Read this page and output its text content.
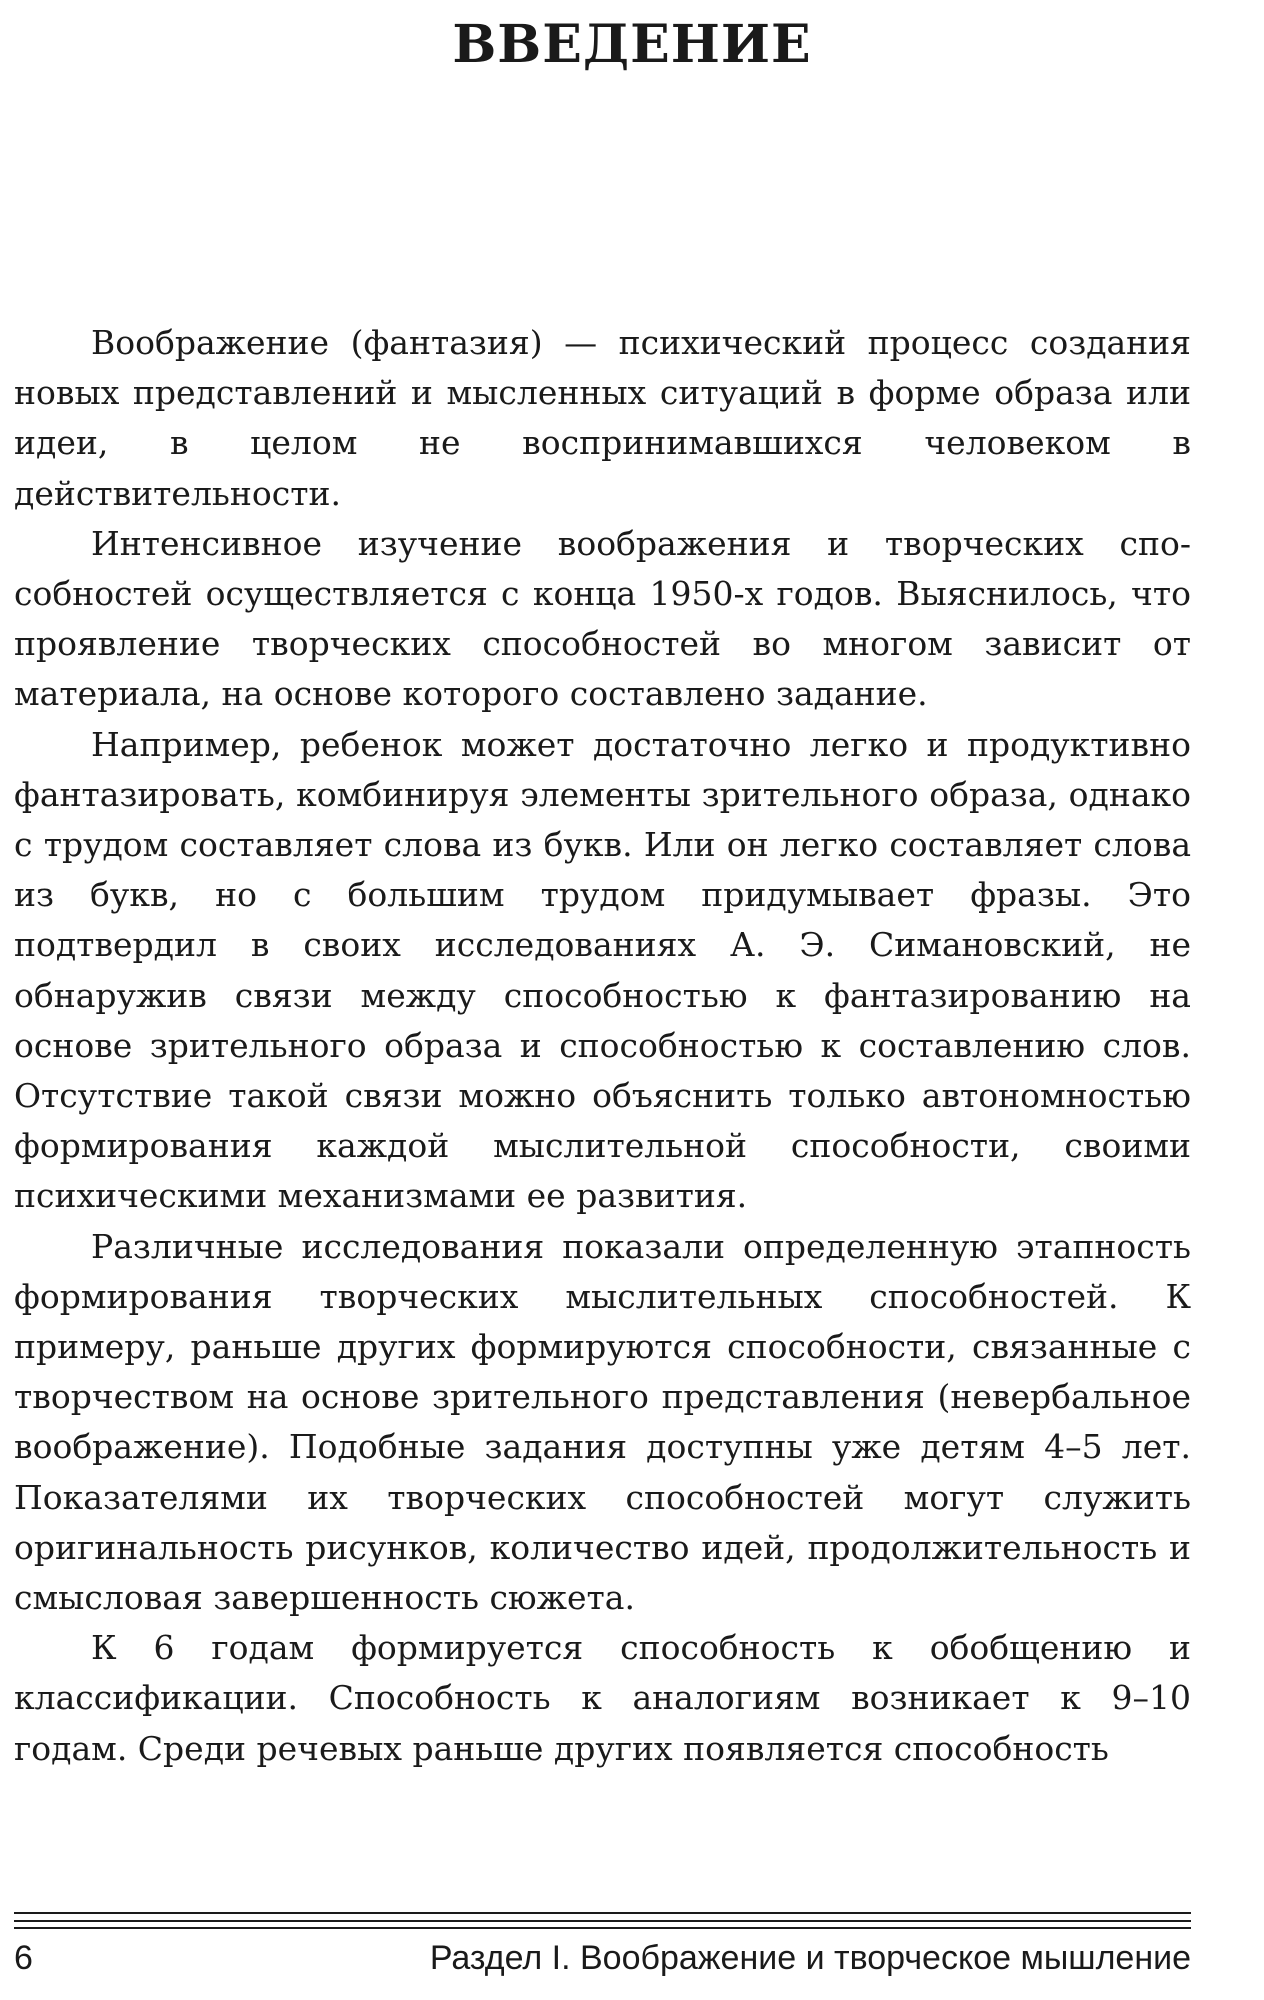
ВВЕДЕНИЕ

Воображение (фантазия) — психический процесс создания новых представлений и мысленных ситуаций в форме образа или идеи, в целом не воспринимавшихся человеком в действительности.

Интенсивное изучение воображения и творческих способностей осуществляется с конца 1950-х годов. Выяснилось, что проявление творческих способностей во многом зависит от материала, на основе которого составлено задание.

Например, ребенок может достаточно легко и продуктивно фантазировать, комбинируя элементы зрительного образа, однако с трудом составляет слова из букв. Или он легко составляет слова из букв, но с большим трудом придумывает фразы. Это подтвердил в своих исследованиях А. Э. Симановский, не обнаружив связи между способностью к фантазированию на основе зрительного образа и способностью к составлению слов. Отсутствие такой связи можно объяснить только автономностью формирования каждой мыслительной способности, своими психическими механизмами ее развития.

Различные исследования показали определенную этапность формирования творческих мыслительных способностей. К примеру, раньше других формируются способности, связанные с творчеством на основе зрительного представления (невербальное воображение). Подобные задания доступны уже детям 4–5 лет. Показателями их творческих способностей могут служить оригинальность рисунков, количество идей, продолжительность и смысловая завершенность сюжета.

К 6 годам формируется способность к обобщению и классификации. Способность к аналогиям возникает к 9–10 годам. Среди речевых раньше других появляется способность

6	Раздел I. Воображение и творческое мышление
